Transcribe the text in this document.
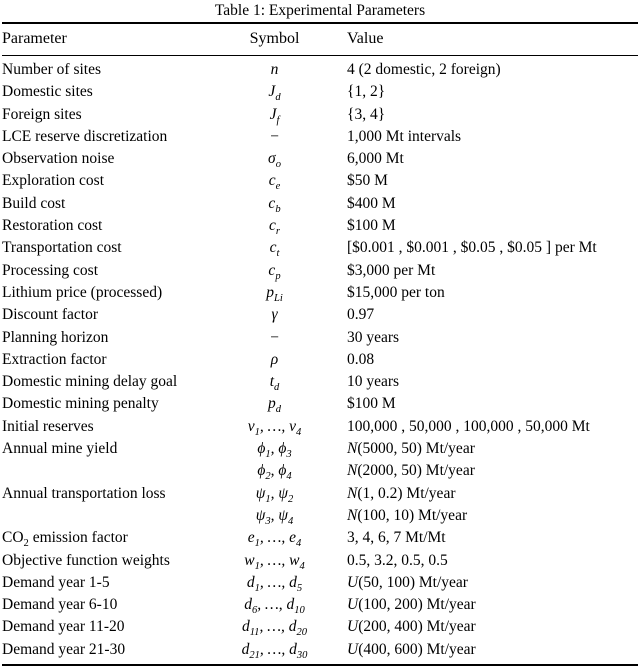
Table 1: Experimental Parameters
Parameter	Symbol	Value
Number of sites	n	4 (2 domestic, 2 foreign)
Domestic sites	$J_d$	{1, 2}
Foreign sites	$J_f$	{3, 4}
LCE reserve discretization	−	1,000 Mt intervals
Observation noise	$\sigma_o$	6,000 Mt
Exploration cost	$c_e$	$50 M
Build cost	$c_b$	$400 M
Restoration cost	$c_r$	$100 M
Transportation cost	$c_t$	[$0.001 , $0.001 , $0.05 , $0.05 ] per Mt
Processing cost	$c_p$	$3,000 per Mt
Lithium price (processed)	$p_{Li}$	$15,000 per ton
Discount factor	γ	0.97
Planning horizon	−	30 years
Extraction factor	ρ	0.08
Domestic mining delay goal	$t_d$	10 years
Domestic mining penalty	$p_d$	$100 M
Initial reserves	$v_1$, …, $v_4$	100,000 , 50,000 , 100,000 , 50,000 Mt
Annual mine yield	$\phi_1$, $\phi_3$	N(5000, 50) Mt/year
	$\phi_2$, $\phi_4$	N(2000, 50) Mt/year
Annual transportation loss	$\psi_1$, $\psi_2$	N(1, 0.2) Mt/year
	$\psi_3$, $\psi_4$	N(100, 10) Mt/year
$CO_2$ emission factor	$e_1$, …, $e_4$	3, 4, 6, 7 Mt/Mt
Objective function weights	$w_1$, …, $w_4$	0.5, 3.2, 0.5, 0.5
Demand year 1-5	$d_1$, …, $d_5$	U(50, 100) Mt/year
Demand year 6-10	$d_6$, …, $d_{10}$	U(100, 200) Mt/year
Demand year 11-20	$d_{11}$, …, $d_{20}$	U(200, 400) Mt/year
Demand year 21-30	$d_{21}$, …, $d_{30}$	U(400, 600) Mt/year
